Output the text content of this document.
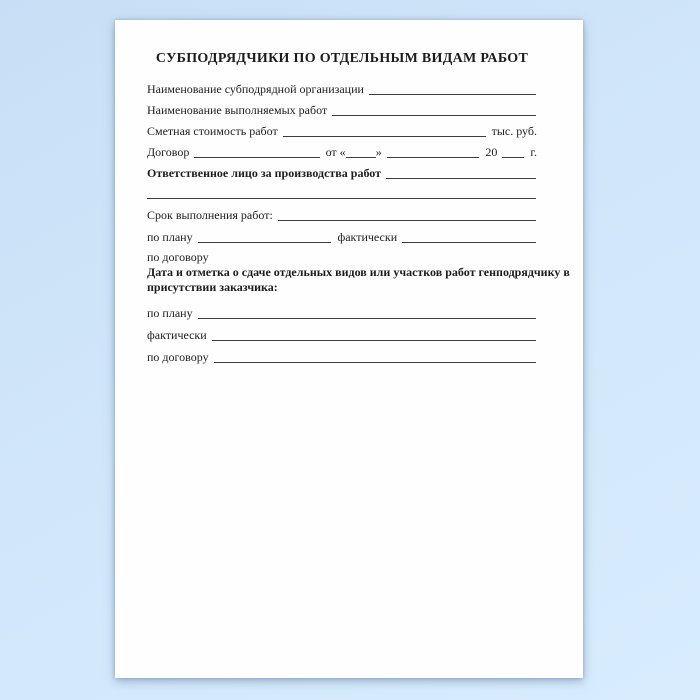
СУБПОДРЯДЧИКИ ПО ОТДЕЛЬНЫМ ВИДАМ РАБОТ
Наименование субподрядной организации
Наименование выполняемых работ
Сметная стоимость работ	тыс. руб.
Договор	от «	»	20	г.
Ответственное лицо за производства работ
Срок выполнения работ:
по плану	фактически
по договору
Дата и отметка о сдаче отдельных видов или участков работ генподрядчику в
присутствии заказчика:
по плану
фактически
по договору
